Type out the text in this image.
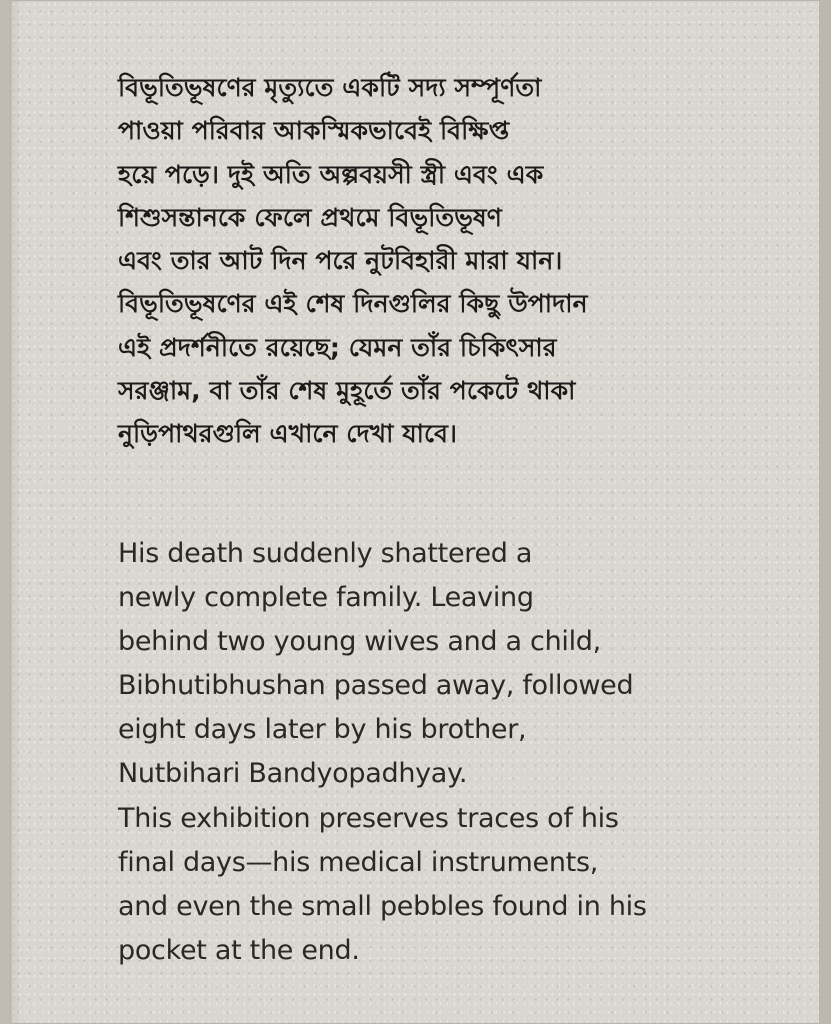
বিভূতিভূষণের মৃত্যুতে একটি সদ্য সম্পূর্ণতা
পাওয়া পরিবার আকস্মিকভাবেই বিক্ষিপ্ত
হয়ে পড়ে। দুই অতি অল্পবয়সী স্ত্রী এবং এক
শিশুসন্তানকে ফেলে প্রথমে বিভূতিভূষণ
এবং তার আট দিন পরে নুটবিহারী মারা যান।
বিভূতিভূষণের এই শেষ দিনগুলির কিছু উপাদান
এই প্রদর্শনীতে রয়েছে; যেমন তাঁর চিকিৎসার
সরঞ্জাম, বা তাঁর শেষ মুহূর্তে তাঁর পকেটে থাকা
নুড়িপাথরগুলি এখানে দেখা যাবে।

His death suddenly shattered a
newly complete family. Leaving
behind two young wives and a child,
Bibhutibhushan passed away, followed
eight days later by his brother,
Nutbihari Bandyopadhyay.
This exhibition preserves traces of his
final days—his medical instruments,
and even the small pebbles found in his
pocket at the end.
